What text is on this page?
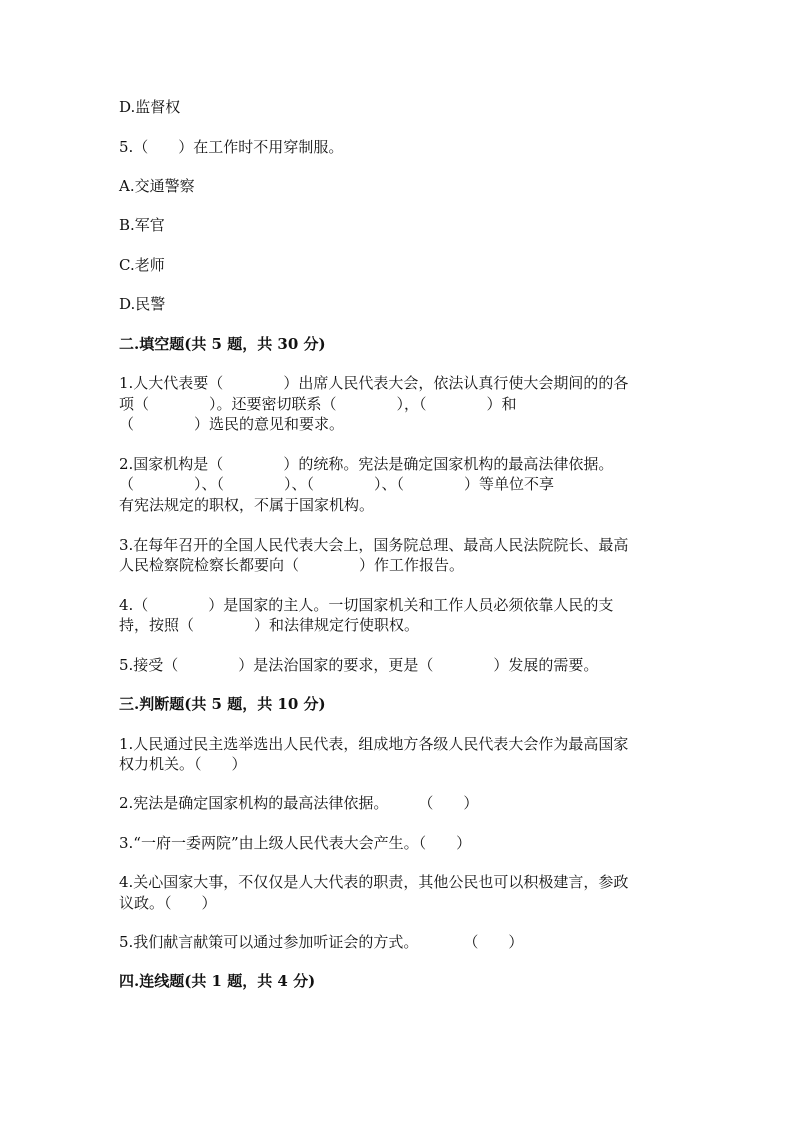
D.监督权
5.（　　）在工作时不用穿制服。
A.交通警察
B.军官
C.老师
D.民警
二.填空题(共 5 题，共 30 分)
1.人大代表要（　　　　）出席人民代表大会，依法认真行使大会期间的的各
项（　　　　）。还要密切联系（　　　　），（　　　　）和
（　　　　）选民的意见和要求。
2.国家机构是（　　　　）的统称。宪法是确定国家机构的最高法律依据。
（　　　　）、（　　　　）、（　　　　）、（　　　　）等单位不享
有宪法规定的职权，不属于国家机构。
3.在每年召开的全国人民代表大会上，国务院总理、最高人民法院院长、最高
人民检察院检察长都要向（　　　　）作工作报告。
4.（　　　　）是国家的主人。一切国家机关和工作人员必须依靠人民的支
持，按照（　　　　）和法律规定行使职权。
5.接受（　　　　）是法治国家的要求，更是（　　　　）发展的需要。
三.判断题(共 5 题，共 10 分)
1.人民通过民主选举选出人民代表，组成地方各级人民代表大会作为最高国家
权力机关。（　　）
2.宪法是确定国家机构的最高法律依据。　　　（　　）
3.“一府一委两院”由上级人民代表大会产生。（　　）
4.关心国家大事，不仅仅是人大代表的职责，其他公民也可以积极建言，参政
议政。（　　）
5.我们献言献策可以通过参加听证会的方式。　　　　（　　）
四.连线题(共 1 题，共 4 分)
